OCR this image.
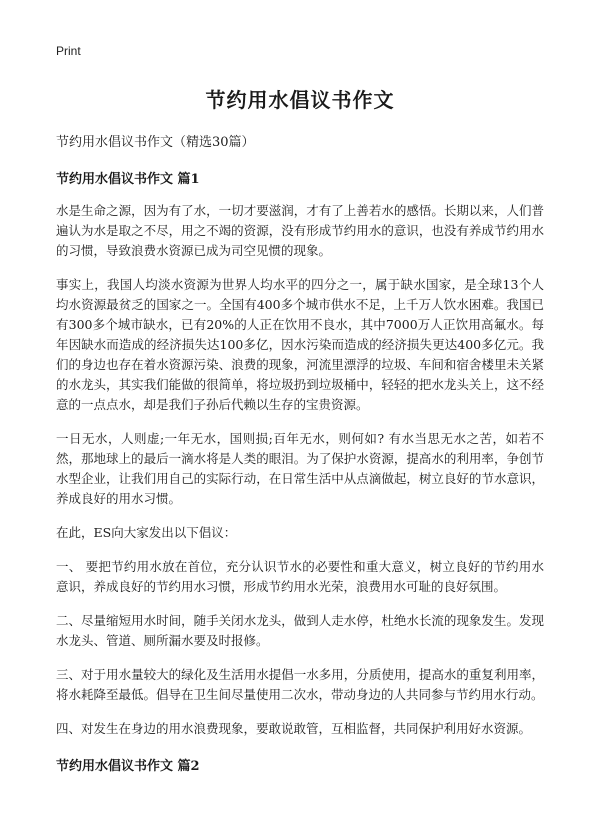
Print
节约用水倡议书作文

节约用水倡议书作文（精选30篇）

节约用水倡议书作文 篇1

水是生命之源，因为有了水，一切才要滋润，才有了上善若水的感悟。长期以来，人们普遍认为水是取之不尽，用之不竭的资源，没有形成节约用水的意识，也没有养成节约用水的习惯，导致浪费水资源已成为司空见惯的现象。

事实上，我国人均淡水资源为世界人均水平的四分之一，属于缺水国家，是全球13个人均水资源最贫乏的国家之一。全国有400多个城市供水不足，上千万人饮水困难。我国已有300多个城市缺水，已有20%的人正在饮用不良水，其中7000万人正饮用高氟水。每年因缺水而造成的经济损失达100多亿，因水污染而造成的经济损失更达400多亿元。我们的身边也存在着水资源污染、浪费的现象，河流里漂浮的垃圾、车间和宿舍楼里未关紧的水龙头，其实我们能做的很简单，将垃圾扔到垃圾桶中，轻轻的把水龙头关上，这不经意的一点点水，却是我们子孙后代赖以生存的宝贵资源。

一日无水，人则虚;一年无水，国则损;百年无水，则何如? 有水当思无水之苦，如若不然，那地球上的最后一滴水将是人类的眼泪。为了保护水资源，提高水的利用率，争创节水型企业，让我们用自己的实际行动，在日常生活中从点滴做起，树立良好的节水意识，养成良好的用水习惯。

在此，ES向大家发出以下倡议：

一、 要把节约用水放在首位，充分认识节水的必要性和重大意义，树立良好的节约用水意识，养成良好的节约用水习惯，形成节约用水光荣，浪费用水可耻的良好氛围。

二、尽量缩短用水时间，随手关闭水龙头，做到人走水停，杜绝水长流的现象发生。发现水龙头、管道、厕所漏水要及时报修。

三、对于用水量较大的绿化及生活用水提倡一水多用，分质使用，提高水的重复利用率，将水耗降至最低。倡导在卫生间尽量使用二次水，带动身边的人共同参与节约用水行动。

四、对发生在身边的用水浪费现象，要敢说敢管，互相监督，共同保护利用好水资源。

节约用水倡议书作文 篇2
